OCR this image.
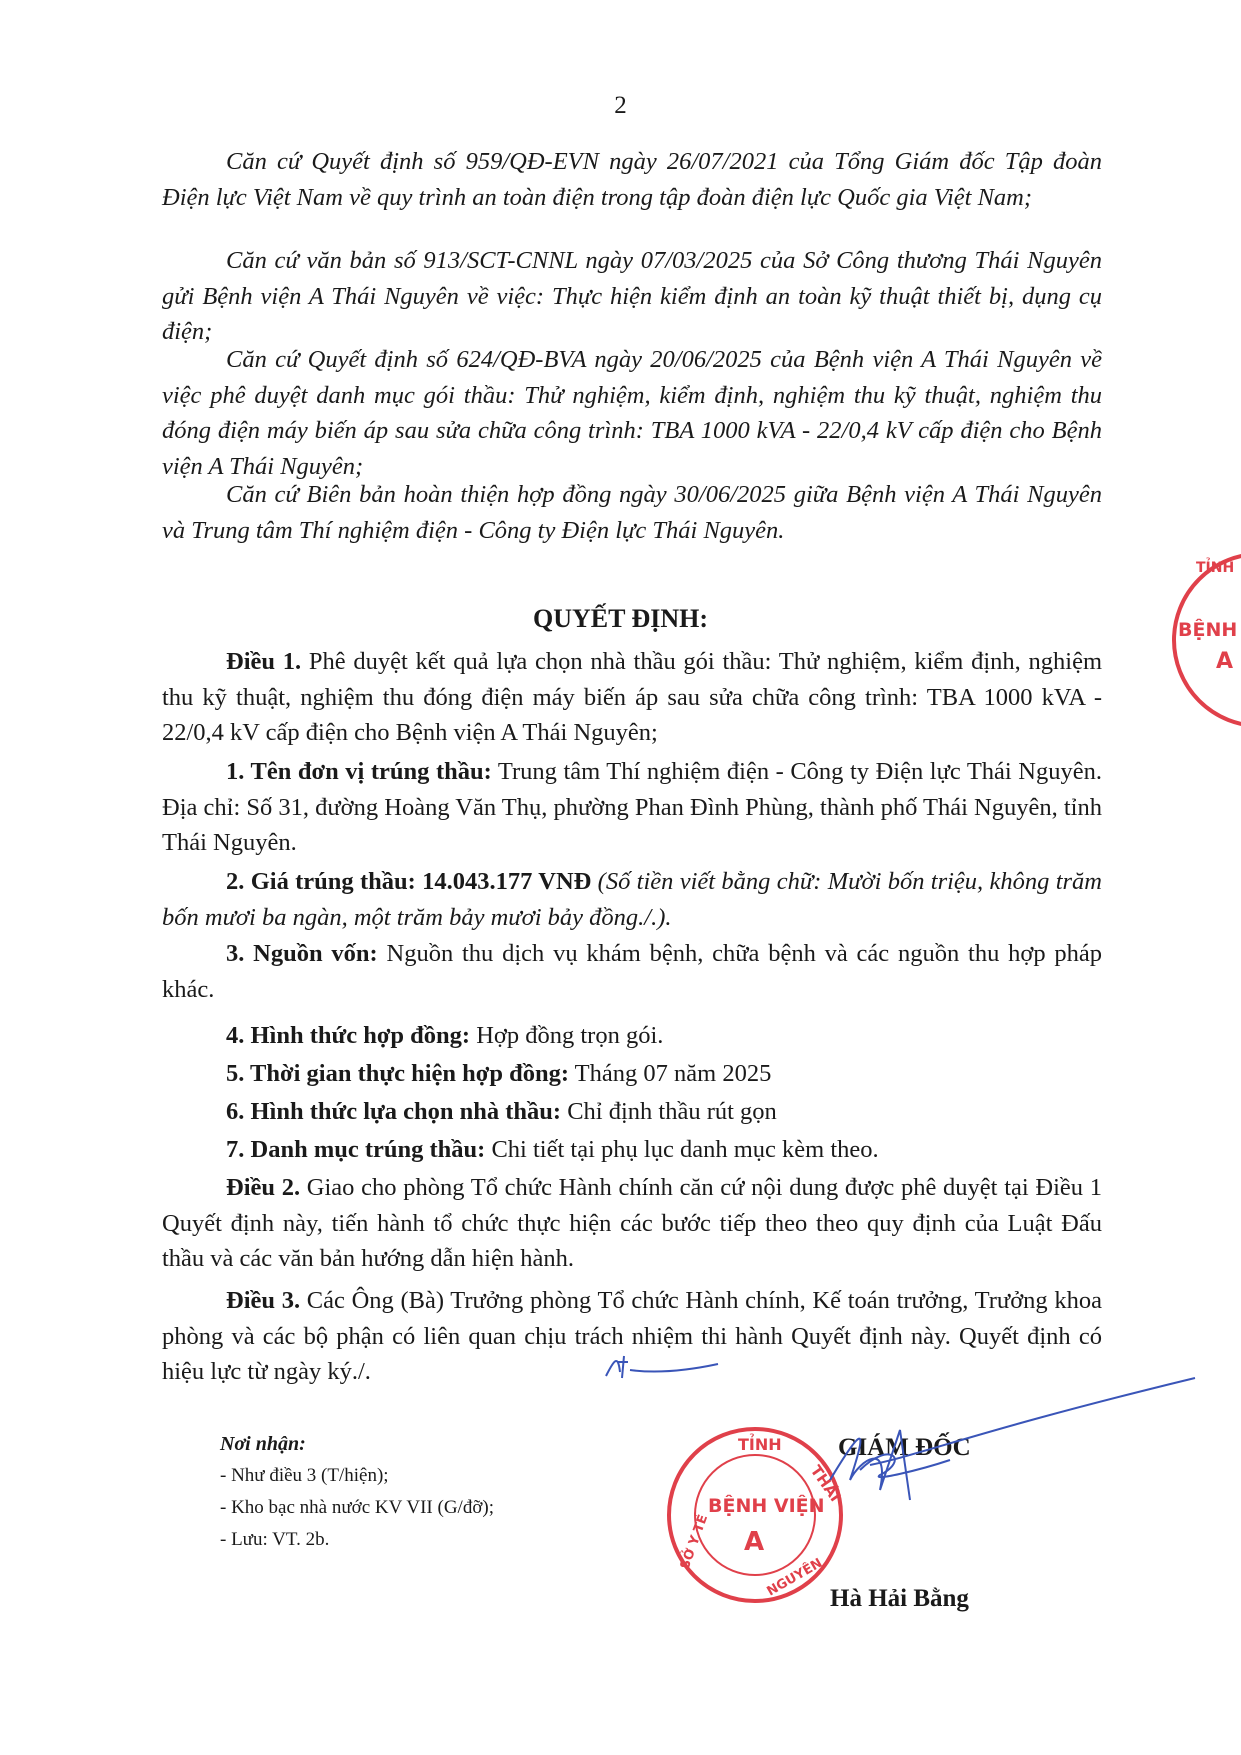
2

Căn cứ Quyết định số 959/QĐ-EVN ngày 26/07/2021 của Tổng Giám đốc Tập đoàn Điện lực Việt Nam về quy trình an toàn điện trong tập đoàn điện lực Quốc gia Việt Nam;

Căn cứ văn bản số 913/SCT-CNNL ngày 07/03/2025 của Sở Công thương Thái Nguyên gửi Bệnh viện A Thái Nguyên về việc: Thực hiện kiểm định an toàn kỹ thuật thiết bị, dụng cụ điện;

Căn cứ Quyết định số 624/QĐ-BVA ngày 20/06/2025 của Bệnh viện A Thái Nguyên về việc phê duyệt danh mục gói thầu: Thử nghiệm, kiểm định, nghiệm thu kỹ thuật, nghiệm thu đóng điện máy biến áp sau sửa chữa công trình: TBA 1000 kVA - 22/0,4 kV cấp điện cho Bệnh viện A Thái Nguyên;

Căn cứ Biên bản hoàn thiện hợp đồng ngày 30/06/2025 giữa Bệnh viện A Thái Nguyên và Trung tâm Thí nghiệm điện - Công ty Điện lực Thái Nguyên.

QUYẾT ĐỊNH:

Điều 1. Phê duyệt kết quả lựa chọn nhà thầu gói thầu: Thử nghiệm, kiểm định, nghiệm thu kỹ thuật, nghiệm thu đóng điện máy biến áp sau sửa chữa công trình: TBA 1000 kVA - 22/0,4 kV cấp điện cho Bệnh viện A Thái Nguyên;

1. Tên đơn vị trúng thầu: Trung tâm Thí nghiệm điện - Công ty Điện lực Thái Nguyên. Địa chỉ: Số 31, đường Hoàng Văn Thụ, phường Phan Đình Phùng, thành phố Thái Nguyên, tỉnh Thái Nguyên.

2. Giá trúng thầu: 14.043.177 VNĐ (Số tiền viết bằng chữ: Mười bốn triệu, không trăm bốn mươi ba ngàn, một trăm bảy mươi bảy đồng./.).

3. Nguồn vốn: Nguồn thu dịch vụ khám bệnh, chữa bệnh và các nguồn thu hợp pháp khác.

4. Hình thức hợp đồng: Hợp đồng trọn gói.

5. Thời gian thực hiện hợp đồng: Tháng 07 năm 2025

6. Hình thức lựa chọn nhà thầu: Chỉ định thầu rút gọn

7. Danh mục trúng thầu: Chi tiết tại phụ lục danh mục kèm theo.

Điều 2. Giao cho phòng Tổ chức Hành chính căn cứ nội dung được phê duyệt tại Điều 1 Quyết định này, tiến hành tổ chức thực hiện các bước tiếp theo theo quy định của Luật Đấu thầu và các văn bản hướng dẫn hiện hành.

Điều 3. Các Ông (Bà) Trưởng phòng Tổ chức Hành chính, Kế toán trưởng, Trưởng khoa phòng và các bộ phận có liên quan chịu trách nhiệm thi hành Quyết định này. Quyết định có hiệu lực từ ngày ký./.

Nơi nhận:
- Như điều 3 (T/hiện);
- Kho bạc nhà nước KV VII (G/đỡ);
- Lưu: VT. 2b.
GIÁM ĐỐC
TỈNH
THÁI
BỆNH VIỆN
A
SỞ Y TẾ
NGUYÊN
TỈNH
BỆNH
A
Hà Hải Bằng
